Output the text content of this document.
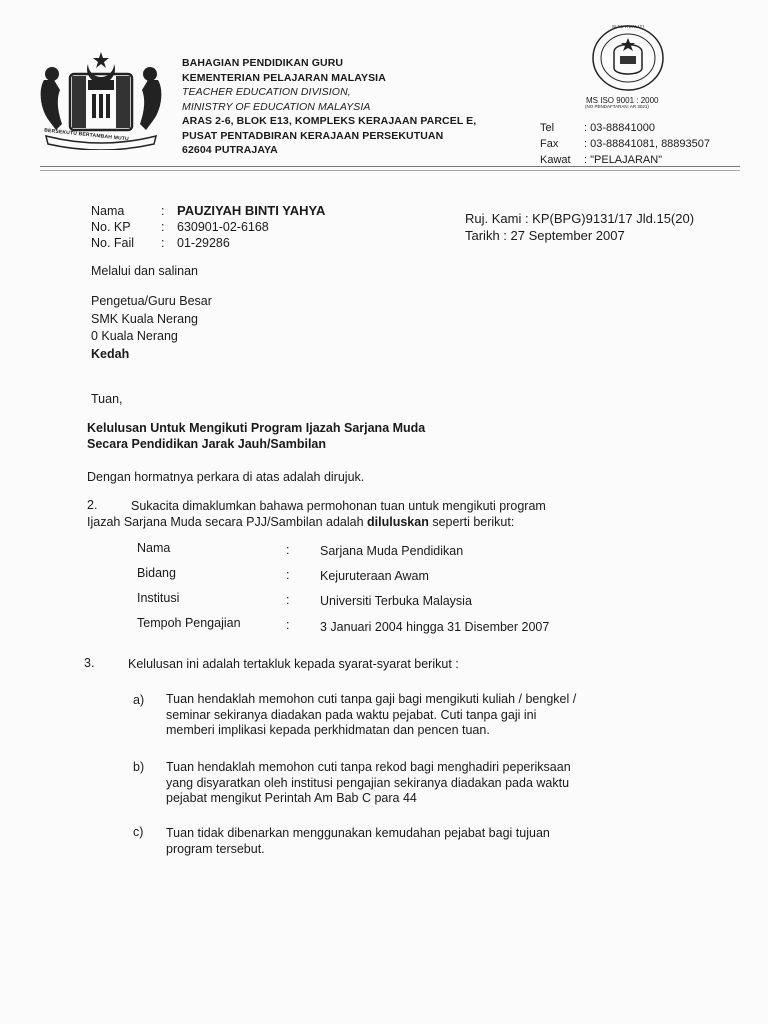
BERSEKUTU BERTAMBAH MUTU
BAHAGIAN PENDIDIKAN GURU
KEMENTERIAN PELAJARAN MALAYSIA
TEACHER EDUCATION DIVISION,
MINISTRY OF EDUCATION MALAYSIA
ARAS 2-6, BLOK E13, KOMPLEKS KERAJAAN PARCEL E,
PUSAT PENTADBIRAN KERAJAAN PERSEKUTUAN
62604 PUTRAJAYA
SIJIL KUALITI
MS ISO 9001 : 2000
(NO PENDAFTARAN: AR 3021)
Tel	: 03-88841000
Fax	: 03-88841081, 88893507
Kawat	: "PELAJARAN"
Nama	: PAUZIYAH BINTI YAHYA
No. KP	:	630901-02-6168
No. Fail	:	01-29286
Ruj. Kami : KP(BPG)9131/17 Jld.15(20)
Tarikh : 27 September 2007
Melalui dan salinan
Pengetua/Guru Besar
SMK Kuala Nerang
0 Kuala Nerang
Kedah
Tuan,
Kelulusan Untuk Mengikuti Program Ijazah Sarjana Muda
Secara Pendidikan Jarak Jauh/Sambilan
Dengan hormatnya perkara di atas adalah dirujuk.
2.	Sukacita dimaklumkan bahawa permohonan tuan untuk mengikuti program
Ijazah Sarjana Muda secara PJJ/Sambilan adalah diluluskan seperti berikut:
Nama	: Sarjana Muda Pendidikan
Bidang	: Kejuruteraan Awam
Institusi	: Universiti Terbuka Malaysia
Tempoh Pengajian	: 3 Januari 2004 hingga 31 Disember 2007
3.	Kelulusan ini adalah tertakluk kepada syarat-syarat berikut :
a) Tuan hendaklah memohon cuti tanpa gaji bagi mengikuti kuliah / bengkel /
seminar sekiranya diadakan pada waktu pejabat. Cuti tanpa gaji ini
memberi implikasi kepada perkhidmatan dan pencen tuan.
b) Tuan hendaklah memohon cuti tanpa rekod bagi menghadiri peperiksaan
yang disyaratkan oleh institusi pengajian sekiranya diadakan pada waktu
pejabat mengikut Perintah Am Bab C para 44
c) Tuan tidak dibenarkan menggunakan kemudahan pejabat bagi tujuan
program tersebut.
